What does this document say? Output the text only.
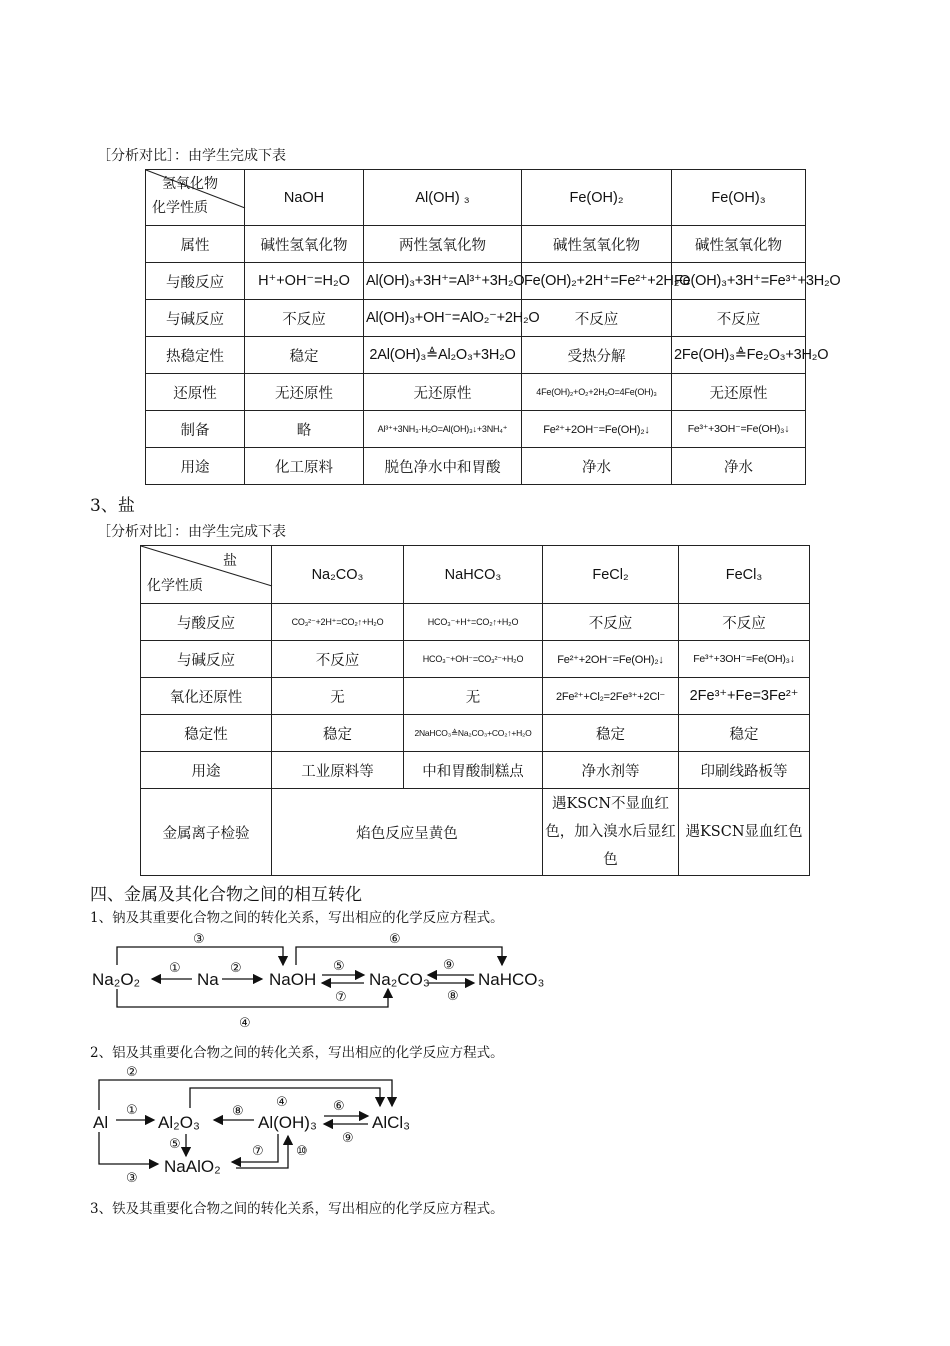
［分析对比］：由学生完成下表
氢氧化物
化学性质	NaOH	Al(OH) ₃	Fe(OH)₂	Fe(OH)₃
属性	碱性氢氧化物	两性氢氧化物	碱性氢氧化物	碱性氢氧化物
与酸反应	H⁺+OH⁻=H₂O	Al(OH)₃+3H⁺=Al³⁺+3H₂O	Fe(OH)₂+2H⁺=Fe²⁺+2H₂O	Fe(OH)₃+3H⁺=Fe³⁺+3H₂O
与碱反应	不反应	Al(OH)₃+OH⁻=AlO₂⁻+2H₂O	不反应	不反应
热稳定性	稳定	2Al(OH)₃≜Al₂O₃+3H₂O	受热分解	2Fe(OH)₃≜Fe₂O₃+3H₂O
还原性	无还原性	无还原性	4Fe(OH)₂+O₂+2H₂O=4Fe(OH)₃	无还原性
制备	略	Al³⁺+3NH₃·H₂O=Al(OH)₃↓+3NH₄⁺	Fe²⁺+2OH⁻=Fe(OH)₂↓	Fe³⁺+3OH⁻=Fe(OH)₃↓
用途	化工原料	脱色净水中和胃酸	净水	净水
3、盐
［分析对比］：由学生完成下表
盐
化学性质	Na₂CO₃	NaHCO₃	FeCl₂	FeCl₃
与酸反应	CO₃²⁻+2H⁺=CO₂↑+H₂O	HCO₃⁻+H⁺=CO₂↑+H₂O	不反应	不反应
与碱反应	不反应	HCO₃⁻+OH⁻=CO₃²⁻+H₂O	Fe²⁺+2OH⁻=Fe(OH)₂↓	Fe³⁺+3OH⁻=Fe(OH)₃↓
氧化还原性	无	无	2Fe²⁺+Cl₂=2Fe³⁺+2Cl⁻	2Fe³⁺+Fe=3Fe²⁺
稳定性	稳定	2NaHCO₃≜Na₂CO₃+CO₂↑+H₂O	稳定	稳定
用途	工业原料等	中和胃酸制糕点	净水剂等	印刷线路板等
金属离子检验	焰色反应呈黄色		遇KSCN不显血红色，加入溴水后显红色	遇KSCN显血红色
四、金属及其化合物之间的相互转化
1、钠及其重要化合物之间的转化关系，写出相应的化学反应方程式。
Na₂O₂	Na	NaOH	Na₂CO₃	NaHCO₃
①	②
③	⑥
⑤
⑦
⑨
⑧
④
2、铝及其重要化合物之间的转化关系，写出相应的化学反应方程式。
Al	Al₂O₃	Al(OH)₃	AlCl₃
NaAlO₂
②
①	⑧	⑥
⑨
④
⑤
③
⑦ ⑩
3、铁及其重要化合物之间的转化关系，写出相应的化学反应方程式。
